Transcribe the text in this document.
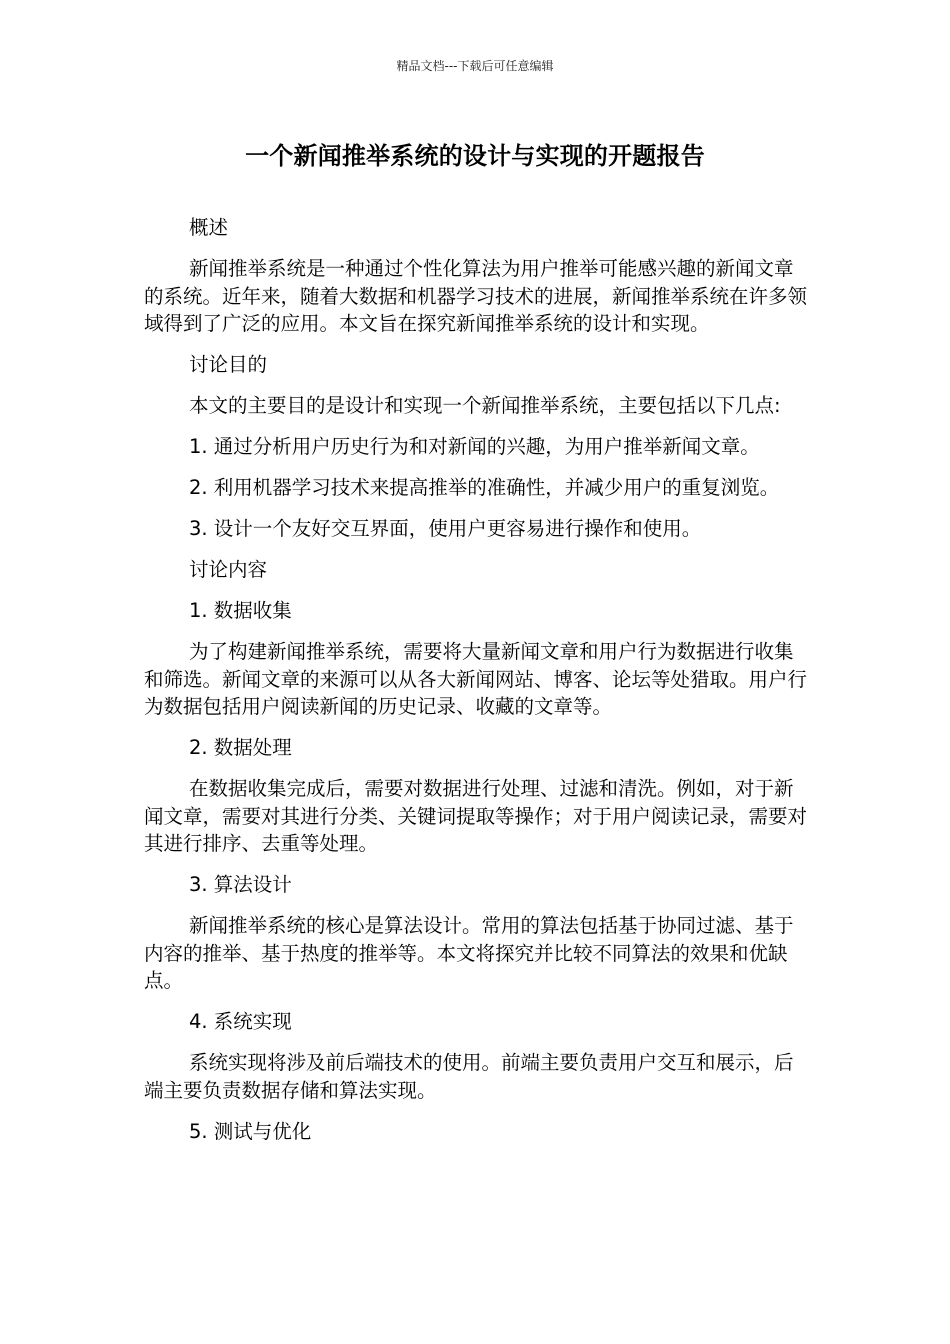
精品文档---下载后可任意编辑
一个新闻推举系统的设计与实现的开题报告

概述

新闻推举系统是一种通过个性化算法为用户推举可能感兴趣的新闻文章的系统。近年来，随着大数据和机器学习技术的进展，新闻推举系统在许多领域得到了广泛的应用。本文旨在探究新闻推举系统的设计和实现。

讨论目的

本文的主要目的是设计和实现一个新闻推举系统，主要包括以下几点:

1. 通过分析用户历史行为和对新闻的兴趣，为用户推举新闻文章。

2. 利用机器学习技术来提高推举的准确性，并减少用户的重复浏览。

3. 设计一个友好交互界面，使用户更容易进行操作和使用。

讨论内容

1. 数据收集

为了构建新闻推举系统，需要将大量新闻文章和用户行为数据进行收集和筛选。新闻文章的来源可以从各大新闻网站、博客、论坛等处猎取。用户行为数据包括用户阅读新闻的历史记录、收藏的文章等。

2. 数据处理

在数据收集完成后，需要对数据进行处理、过滤和清洗。例如，对于新闻文章，需要对其进行分类、关键词提取等操作；对于用户阅读记录，需要对其进行排序、去重等处理。

3. 算法设计

新闻推举系统的核心是算法设计。常用的算法包括基于协同过滤、基于内容的推举、基于热度的推举等。本文将探究并比较不同算法的效果和优缺点。

4. 系统实现

系统实现将涉及前后端技术的使用。前端主要负责用户交互和展示，后端主要负责数据存储和算法实现。

5. 测试与优化
